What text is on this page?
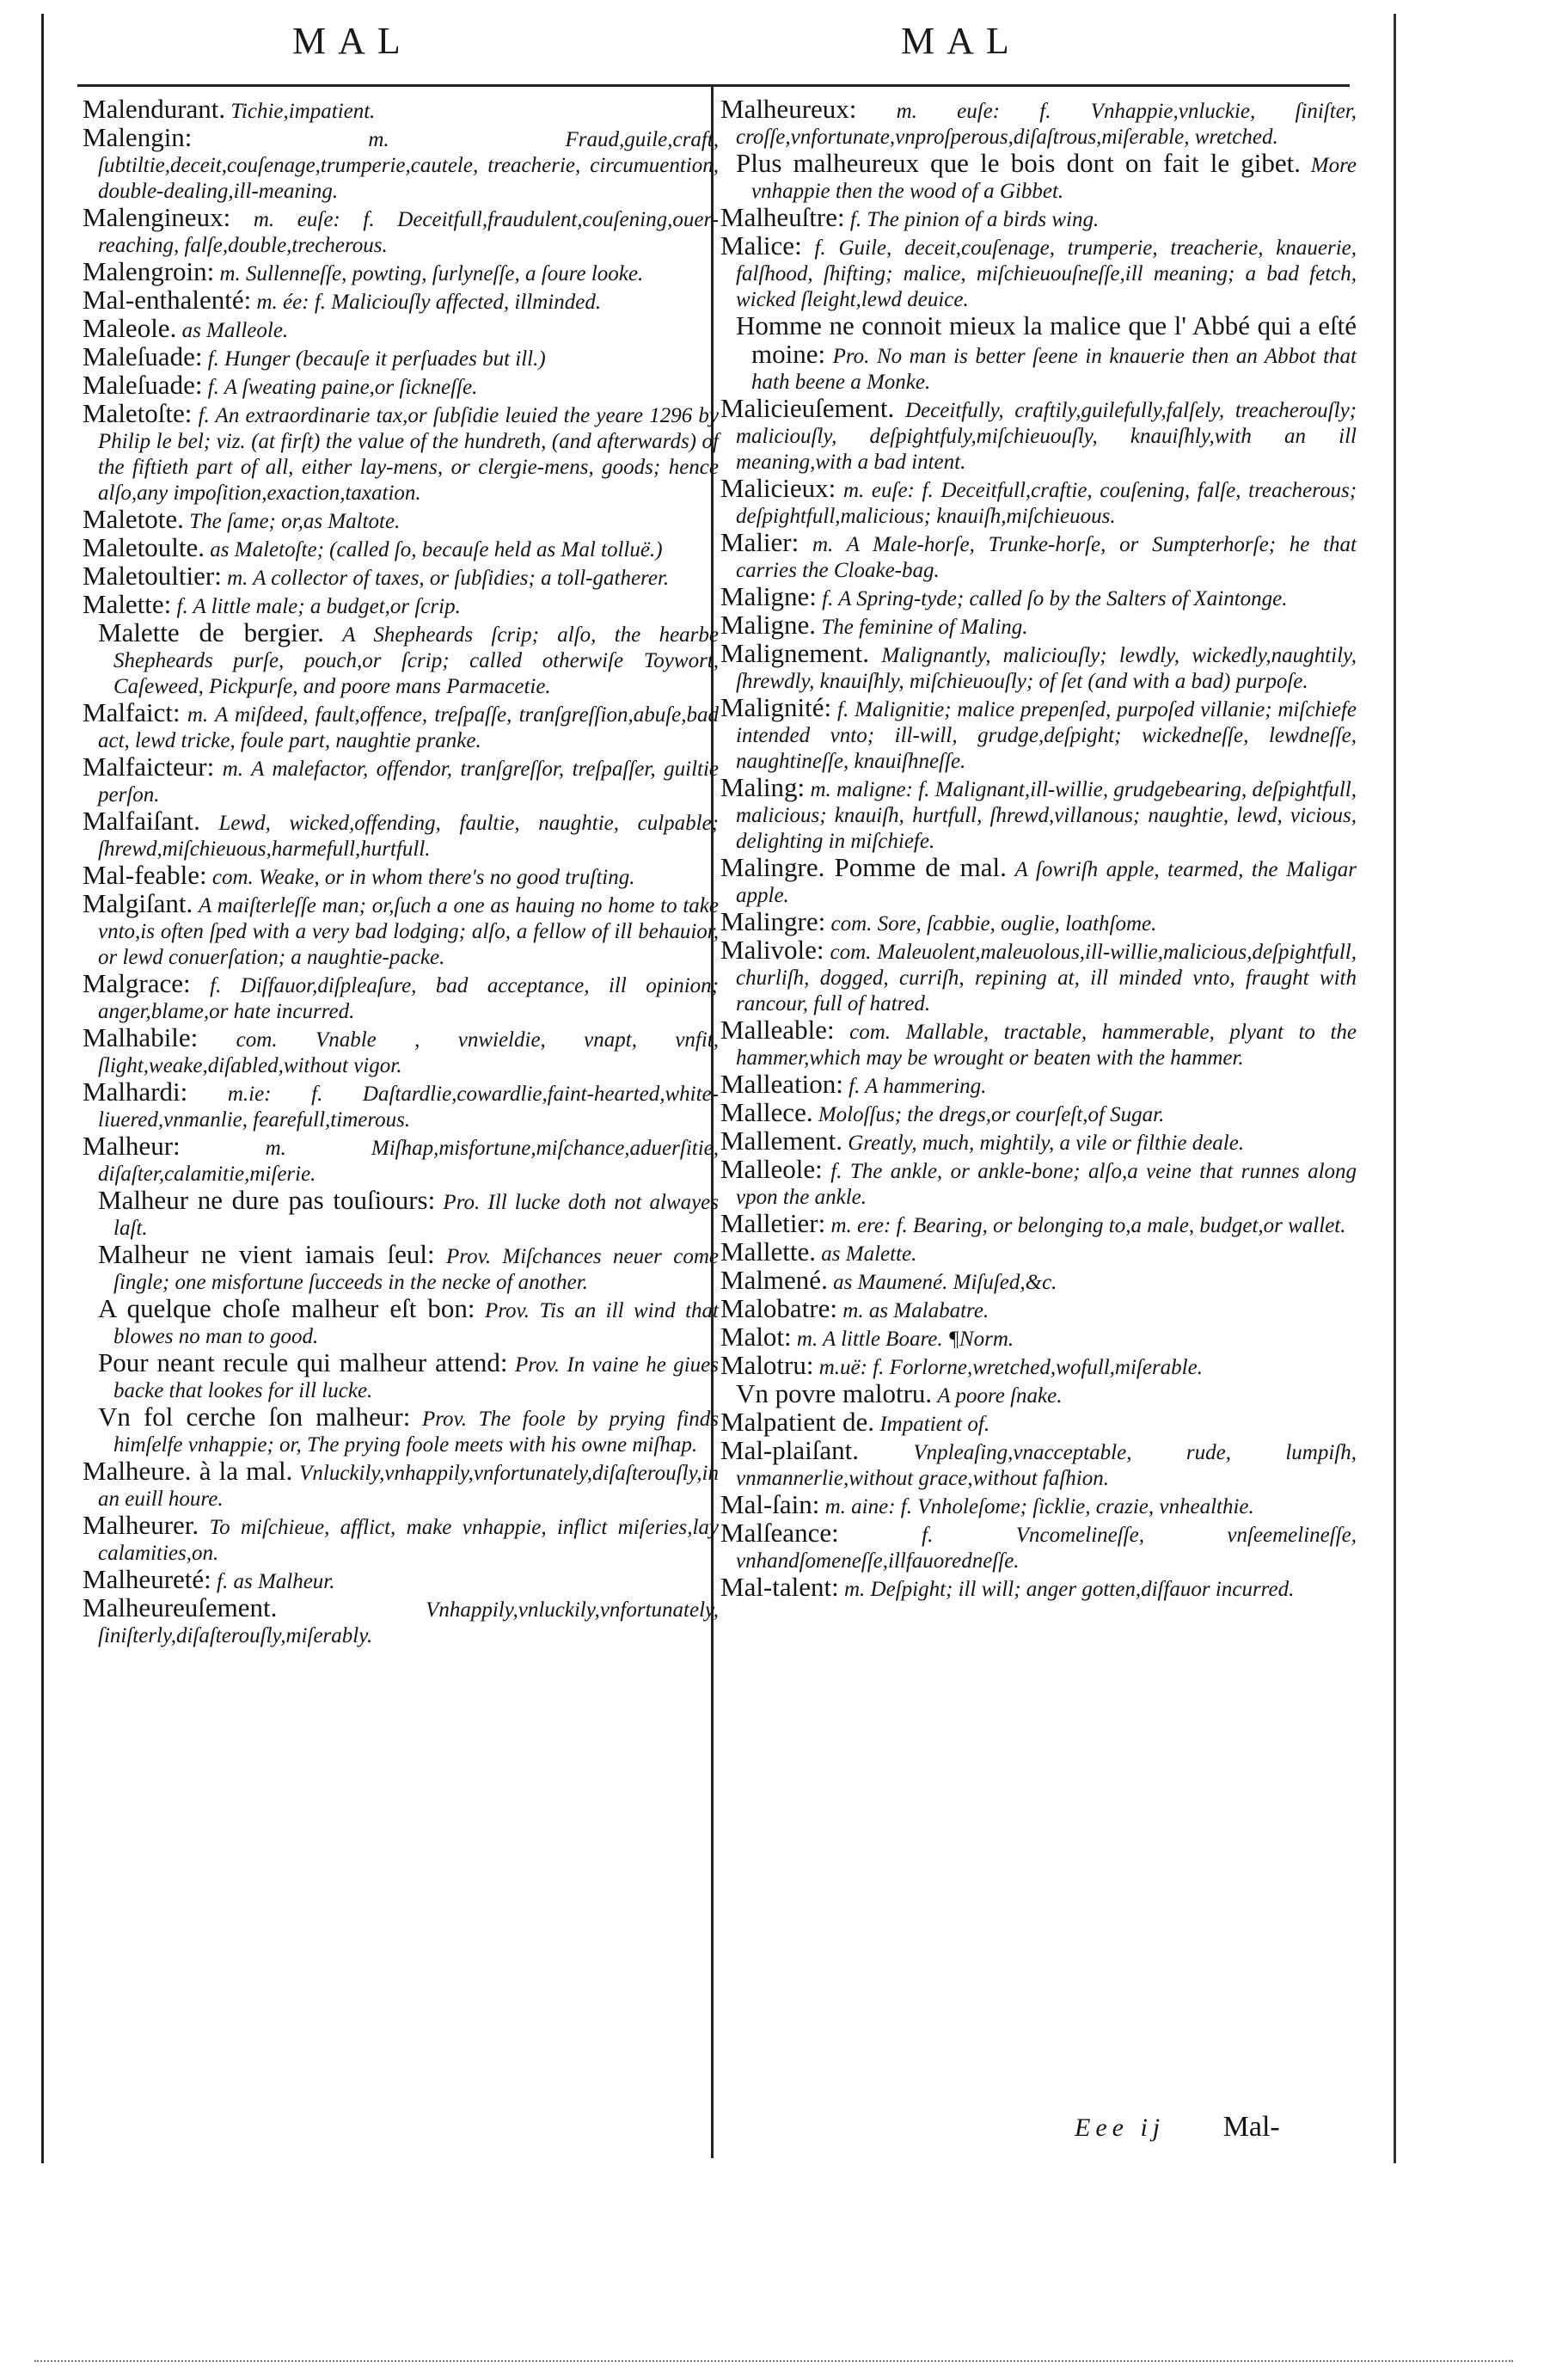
MAL	MAL

Malendurant. Tichie,impatient.

Malengin:	m. Fraud,guile,craft, ſubtiltie,deceit,couſenage,trumperie,cautele, treacherie, circumuention, double-dealing,ill-meaning.

Malengineux: m. euſe: f. Deceitfull,fraudulent,couſening,ouer-reaching, falſe,double,trecherous.

Malengroin: m. Sullenneſſe, powting, ſurlyneſſe, a ſoure looke.

Mal-enthalenté: m. ée: f. Maliciouſly affected, illminded.

Maleole. as Malleole.

Maleſuade: f. Hunger (becauſe it perſuades but ill.)

Maleſuade: f. A ſweating paine,or ſickneſſe.

Maletoſte: f. An extraordinarie tax,or ſubſidie leuied the yeare 1296 by Philip le bel; viz. (at firſt) the value of the hundreth, (and afterwards) of the fiftieth part of all, either lay-mens, or clergie-mens, goods; hence alſo,any impoſition,exaction,taxation.

Maletote. The ſame; or,as Maltote.

Maletoulte. as Maletoſte; (called ſo, becauſe held as Mal tolluë.)

Maletoultier: m. A collector of taxes, or ſubſidies; a toll-gatherer.

Malette: f. A little male; a budget,or ſcrip.

Malette de bergier. A Shepheards ſcrip; alſo, the hearbe Shepheards purſe, pouch,or ſcrip; called otherwiſe Toywort, Caſeweed, Pickpurſe, and poore mans Parmacetie.

Malfaict: m. A miſdeed, fault,offence, treſpaſſe, tranſgreſſion,abuſe,bad act, lewd tricke, foule part, naughtie pranke.

Malfaicteur: m. A malefactor, offendor, tranſgreſſor, treſpaſſer, guiltie perſon.

Malfaiſant. Lewd, wicked,offending, faultie, naughtie, culpable; ſhrewd,miſchieuous,harmefull,hurtfull.

Mal-feable: com. Weake, or in whom there's no good truſting.

Malgiſant. A maiſterleſſe man; or,ſuch a one as hauing no home to take vnto,is often ſped with a very bad lodging; alſo, a fellow of ill behauior, or lewd conuerſation; a naughtie-packe.

Malgrace: f. Diſfauor,diſpleaſure, bad acceptance, ill opinion; anger,blame,or hate incurred.

Malhabile: com. Vnable , vnwieldie, vnapt, vnfit, ſlight,weake,diſabled,without vigor.

Malhardi: m.ie: f. Daſtardlie,cowardlie,faint-hearted,white-liuered,vnmanlie, fearefull,timerous.

Malheur:	m. Miſhap,misfortune,miſchance,aduerſitie, diſaſter,calamitie,miſerie.

Malheur ne dure pas touſiours: Pro. Ill lucke doth not alwayes laſt.

Malheur ne vient iamais ſeul: Prov. Miſchances neuer come ſingle; one misfortune ſucceeds in the necke of another.

A quelque choſe malheur eſt bon: Prov. Tis an ill wind that blowes no man to good.

Pour neant recule qui malheur attend: Prov. In vaine he giues backe that lookes for ill lucke.

Vn fol cerche ſon malheur: Prov. The foole by prying finds himſelfe vnhappie; or, The prying foole meets with his owne miſhap.

Malheure. à la mal. Vnluckily,vnhappily,vnfortunately,diſaſterouſly,in an euill houre.

Malheurer. To miſchieue, afflict, make vnhappie, inflict miſeries,lay calamities,on.

Malheureté: f. as Malheur.

Malheureuſement.	Vnhappily,vnluckily,vnfortunately, ſiniſterly,diſaſterouſly,miſerably.

Malheureux: m. euſe: f. Vnhappie,vnluckie, ſiniſter, croſſe,vnfortunate,vnproſperous,diſaſtrous,miſerable, wretched.

Plus malheureux que le bois dont on fait le gibet. More vnhappie then the wood of a Gibbet.

Malheuſtre: f. The pinion of a birds wing.

Malice: f. Guile, deceit,couſenage, trumperie, treacherie, knauerie, falſhood, ſhifting; malice, miſchieuouſneſſe,ill meaning; a bad fetch, wicked ſleight,lewd deuice.

Homme ne connoit mieux la malice que l' Abbé qui a eſté moine: Pro. No man is better ſeene in knauerie then an Abbot that hath beene a Monke.

Malicieuſement. Deceitfully, craftily,guilefully,falſely, treacherouſly; maliciouſly, deſpightfuly,miſchieuouſly, knauiſhly,with an ill meaning,with a bad intent.

Malicieux: m. euſe: f. Deceitfull,craftie, couſening, falſe, treacherous; deſpightfull,malicious; knauiſh,miſchieuous.

Malier: m. A Male-horſe, Trunke-horſe, or Sumpterhorſe; he that carries the Cloake-bag.

Maligne: f. A Spring-tyde; called ſo by the Salters of Xaintonge.

Maligne. The feminine of Maling.

Malignement. Malignantly, maliciouſly; lewdly, wickedly,naughtily, ſhrewdly, knauiſhly, miſchieuouſly; of ſet (and with a bad) purpoſe.

Malignité: f. Malignitie; malice prepenſed, purpoſed villanie; miſchiefe intended vnto; ill-will, grudge,deſpight; wickedneſſe, lewdneſſe, naughtineſſe, knauiſhneſſe.

Maling: m. maligne: f. Malignant,ill-willie, grudgebearing, deſpightfull, malicious; knauiſh, hurtfull, ſhrewd,villanous; naughtie, lewd, vicious, delighting in miſchiefe.

Malingre. Pomme de mal. A ſowriſh apple, tearmed, the Maligar apple.

Malingre: com. Sore, ſcabbie, ouglie, loathſome.

Malivole: com. Maleuolent,maleuolous,ill-willie,malicious,deſpightfull, churliſh, dogged, curriſh, repining at, ill minded vnto, fraught with rancour, full of hatred.

Malleable: com. Mallable, tractable, hammerable, plyant to the hammer,which may be wrought or beaten with the hammer.

Malleation: f. A hammering.

Mallece. Moloſſus; the dregs,or courſeſt,of Sugar.

Mallement. Greatly, much, mightily, a vile or filthie deale.

Malleole: f. The ankle, or ankle-bone; alſo,a veine that runnes along vpon the ankle.

Malletier: m. ere: f. Bearing, or belonging to,a male, budget,or wallet.

Mallette. as Malette.

Malmené. as Maumené. Miſuſed,&c.

Malobatre: m. as Malabatre.

Malot: m. A little Boare. ¶Norm.

Malotru: m.uë: f. Forlorne,wretched,wofull,miſerable.

Vn povre malotru. A poore ſnake.

Malpatient de. Impatient of.

Mal-plaiſant.	Vnpleaſing,vnacceptable, rude, lumpiſh, vnmannerlie,without grace,without faſhion.

Mal-ſain: m. aine: f. Vnholeſome; ſicklie, crazie, vnhealthie.

Malſeance:	f. Vncomelineſſe, vnſeemelineſſe, vnhandſomeneſſe,illfauoredneſſe.

Mal-talent: m. Deſpight; ill will; anger gotten,diſfauor incurred.

Eee ij Mal-
